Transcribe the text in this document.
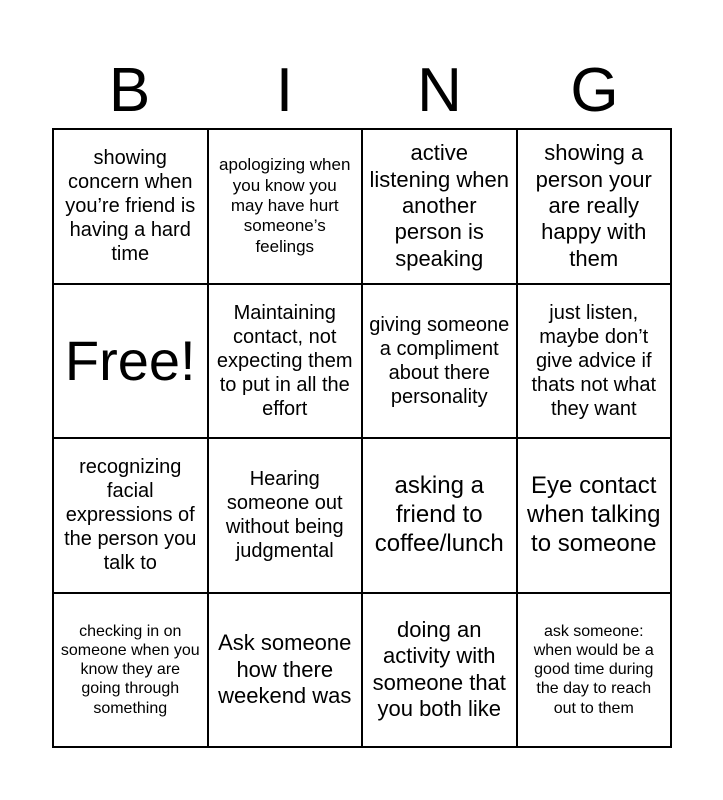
B	I	N	G
showing concern when you’re friend is having a hard time
apologizing when you know you may have hurt someone’s feelings
active listening when another person is speaking
showing a person your are really happy with them
Free!
Maintaining contact, not expecting them to put in all the effort
giving someone a compliment about there personality
just listen, maybe don’t give advice if thats not what they want
recognizing facial expressions of the person you talk to
Hearing someone out without being judgmental
asking a friend to coffee/lunch
Eye contact when talking to someone
checking in on someone when you know they are going through something
Ask someone how there weekend was
doing an activity with someone that you both like
ask someone: when would be a good time during the day to reach out to them
